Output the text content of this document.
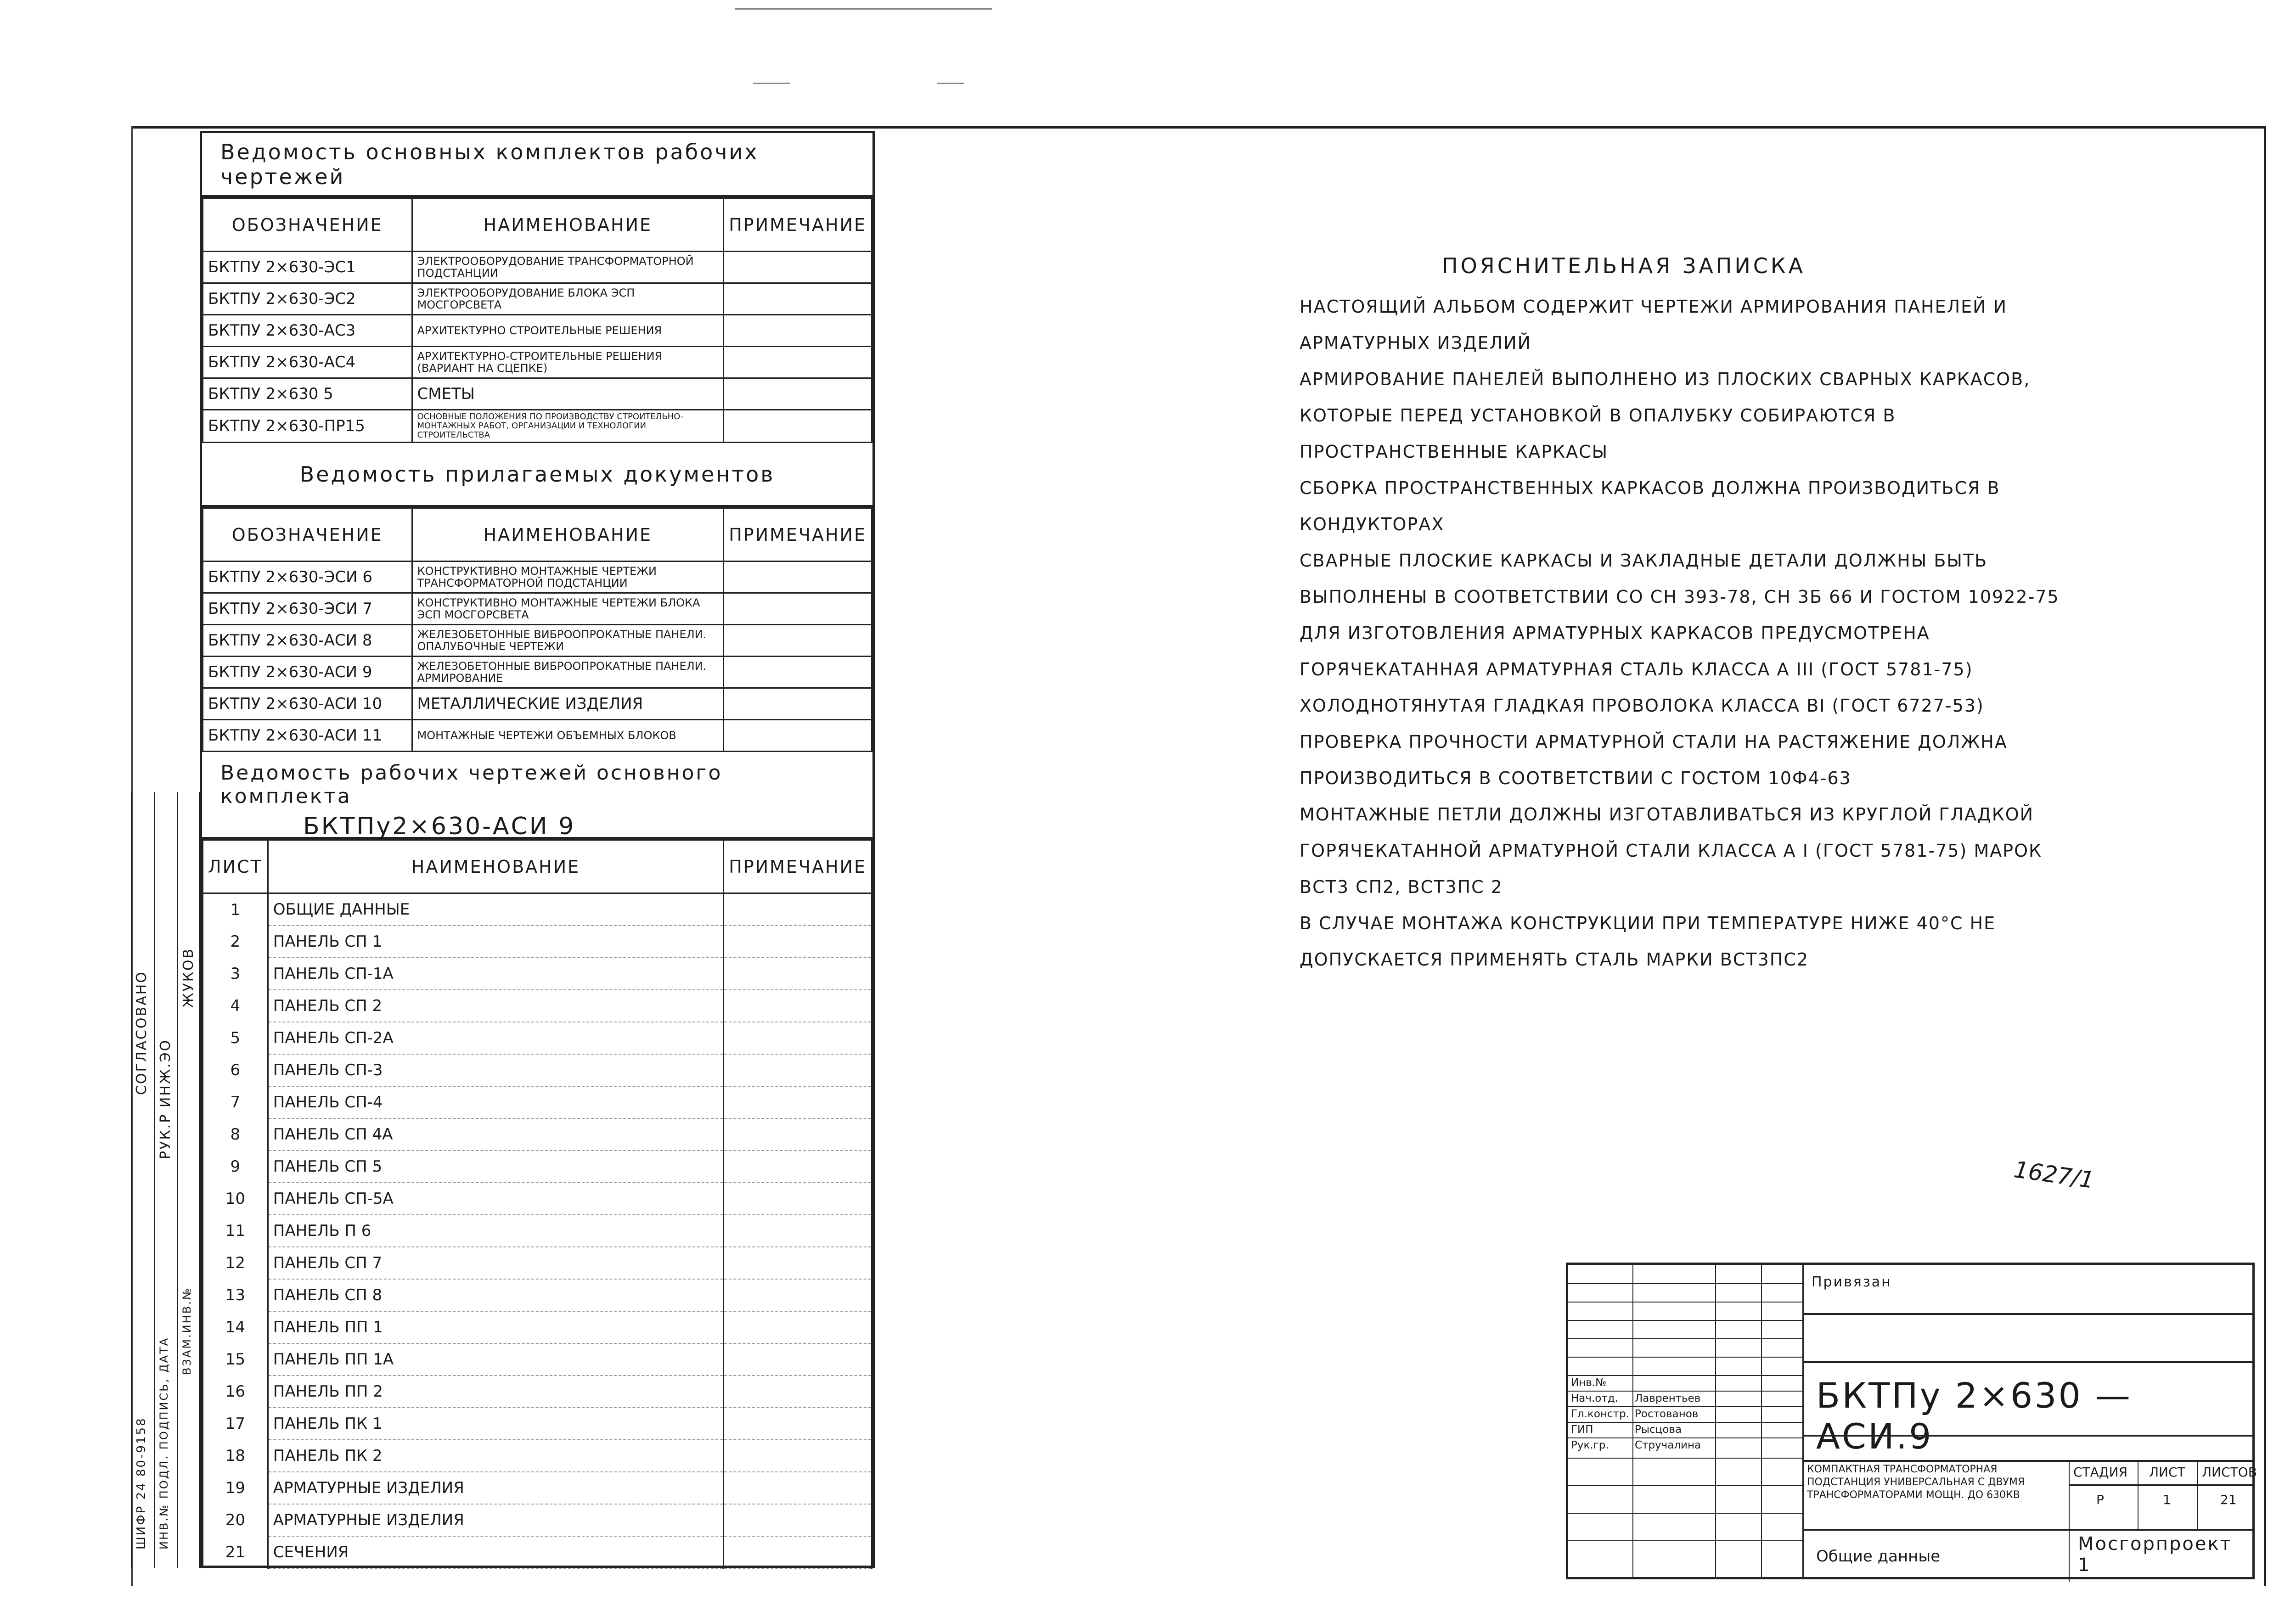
Ведомость основных комплектов рабочих чертежей
ОБОЗНАЧЕНИЕ	НАИМЕНОВАНИЕ	ПРИМЕЧАНИЕ
БКТПУ 2×630-ЭС1	ЭЛЕКТРООБОРУДОВАНИЕ ТРАНСФОРМАТОРНОЙ ПОДСТАНЦИИ	
БКТПУ 2×630-ЭС2	ЭЛЕКТРООБОРУДОВАНИЕ БЛОКА ЭСП МОСГОРСВЕТА	
БКТПУ 2×630-АС3	АРХИТЕКТУРНО СТРОИТЕЛЬНЫЕ РЕШЕНИЯ	
БКТПУ 2×630-АС4	АРХИТЕКТУРНО-СТРОИТЕЛЬНЫЕ РЕШЕНИЯ (ВАРИАНТ НА СЦЕПКЕ)	
БКТПУ 2×630 5	СМЕТЫ	
БКТПУ 2×630-ПР15	ОСНОВНЫЕ ПОЛОЖЕНИЯ ПО ПРОИЗВОДСТВУ СТРОИТЕЛЬНО-МОНТАЖНЫХ РАБОТ, ОРГАНИЗАЦИИ И ТЕХНОЛОГИИ СТРОИТЕЛЬСТВА	
Ведомость прилагаемых документов
ОБОЗНАЧЕНИЕ	НАИМЕНОВАНИЕ	ПРИМЕЧАНИЕ
БКТПУ 2×630-ЭСИ 6	КОНСТРУКТИВНО МОНТАЖНЫЕ ЧЕРТЕЖИ ТРАНСФОРМАТОРНОЙ ПОДСТАНЦИИ	
БКТПУ 2×630-ЭСИ 7	КОНСТРУКТИВНО МОНТАЖНЫЕ ЧЕРТЕЖИ БЛОКА ЭСП МОСГОРСВЕТА	
БКТПУ 2×630-АСИ 8	ЖЕЛЕЗОБЕТОННЫЕ ВИБРООПРОКАТНЫЕ ПАНЕЛИ. ОПАЛУБОЧНЫЕ ЧЕРТЕЖИ	
БКТПУ 2×630-АСИ 9	ЖЕЛЕЗОБЕТОННЫЕ ВИБРООПРОКАТНЫЕ ПАНЕЛИ. АРМИРОВАНИЕ	
БКТПУ 2×630-АСИ 10	МЕТАЛЛИЧЕСКИЕ ИЗДЕЛИЯ	
БКТПУ 2×630-АСИ 11	МОНТАЖНЫЕ ЧЕРТЕЖИ ОБЪЕМНЫХ БЛОКОВ	
Ведомость рабочих чертежей основного комплекта
БКТПу2×630-АСИ 9
ЛИСТ	НАИМЕНОВАНИЕ	ПРИМЕЧАНИЕ
1	ОБЩИЕ ДАННЫЕ	
2	ПАНЕЛЬ СП 1	
3	ПАНЕЛЬ СП-1А	
4	ПАНЕЛЬ СП 2	
5	ПАНЕЛЬ СП-2А	
6	ПАНЕЛЬ СП-3	
7	ПАНЕЛЬ СП-4	
8	ПАНЕЛЬ СП 4А	
9	ПАНЕЛЬ СП 5	
10	ПАНЕЛЬ СП-5А	
11	ПАНЕЛЬ П 6	
12	ПАНЕЛЬ СП 7	
13	ПАНЕЛЬ СП 8	
14	ПАНЕЛЬ ПП 1	
15	ПАНЕЛЬ ПП 1А	
16	ПАНЕЛЬ ПП 2	
17	ПАНЕЛЬ ПК 1	
18	ПАНЕЛЬ ПК 2	
19	АРМАТУРНЫЕ ИЗДЕЛИЯ	
20	АРМАТУРНЫЕ ИЗДЕЛИЯ	
21	СЕЧЕНИЯ	
СОГЛАСОВАНО
РУК.Р ИНЖ.ЭО
ЖУКОВ
ШИФР 24 80-9158 ИНВ.№ ПОДЛ. ПОДПИСЬ, ДАТА
ВЗАМ.ИНВ.№
ПОЯСНИТЕЛЬНАЯ ЗАПИСКА

НАСТОЯЩИЙ АЛЬБОМ СОДЕРЖИТ ЧЕРТЕЖИ АРМИРОВАНИЯ ПАНЕЛЕЙ И АРМАТУРНЫХ ИЗДЕЛИЙ

АРМИРОВАНИЕ ПАНЕЛЕЙ ВЫПОЛНЕНО ИЗ ПЛОСКИХ СВАРНЫХ КАРКАСОВ, КОТОРЫЕ ПЕРЕД УСТАНОВКОЙ В ОПАЛУБКУ СОБИРАЮТСЯ В ПРОСТРАНСТВЕННЫЕ КАРКАСЫ

СБОРКА ПРОСТРАНСТВЕННЫХ КАРКАСОВ ДОЛЖНА ПРОИЗВОДИТЬСЯ В КОНДУКТОРАХ

СВАРНЫЕ ПЛОСКИЕ КАРКАСЫ И ЗАКЛАДНЫЕ ДЕТАЛИ ДОЛЖНЫ БЫТЬ ВЫПОЛНЕНЫ В СООТВЕТСТВИИ СО СН 393-78, СН 3Б 66 И ГОСТОМ 10922-75

ДЛЯ ИЗГОТОВЛЕНИЯ АРМАТУРНЫХ КАРКАСОВ ПРЕДУСМОТРЕНА ГОРЯЧЕКАТАННАЯ АРМАТУРНАЯ СТАЛЬ КЛАССА А III (ГОСТ 5781-75) ХОЛОДНОТЯНУТАЯ ГЛАДКАЯ ПРОВОЛОКА КЛАССА ВI (ГОСТ 6727-53)

ПРОВЕРКА ПРОЧНОСТИ АРМАТУРНОЙ СТАЛИ НА РАСТЯЖЕНИЕ ДОЛЖНА ПРОИЗВОДИТЬСЯ В СООТВЕТСТВИИ С ГОСТОМ 10Ф4-63

МОНТАЖНЫЕ ПЕТЛИ ДОЛЖНЫ ИЗГОТАВЛИВАТЬСЯ ИЗ КРУГЛОЙ ГЛАДКОЙ ГОРЯЧЕКАТАННОЙ АРМАТУРНОЙ СТАЛИ КЛАССА А I (ГОСТ 5781-75) МАРОК ВСТ3 СП2, ВСТ3ПС 2

В СЛУЧАЕ МОНТАЖА КОНСТРУКЦИИ ПРИ ТЕМПЕРАТУРЕ НИЖЕ 40°С НЕ ДОПУСКАЕТСЯ ПРИМЕНЯТЬ СТАЛЬ МАРКИ ВСТ3ПС2

1627/1
Инв.№
Нач.отд. Лаврентьев
Гл.констр. Ростованов
ГИП	Рысцова
Рук.гр. Стручалина
Привязан
БКТПу 2×630 — АСИ.9
КОМПАКТНАЯ ТРАНСФОРМАТОРНАЯ ПОДСТАНЦИЯ УНИВЕРСАЛЬНАЯ С ДВУМЯ ТРАНСФОРМАТОРАМИ МОЩН. ДО 630КВ
СТАДИЯ ЛИСТ ЛИСТОВ
Р	1	21
Общие данные
Мосгорпроект 1
